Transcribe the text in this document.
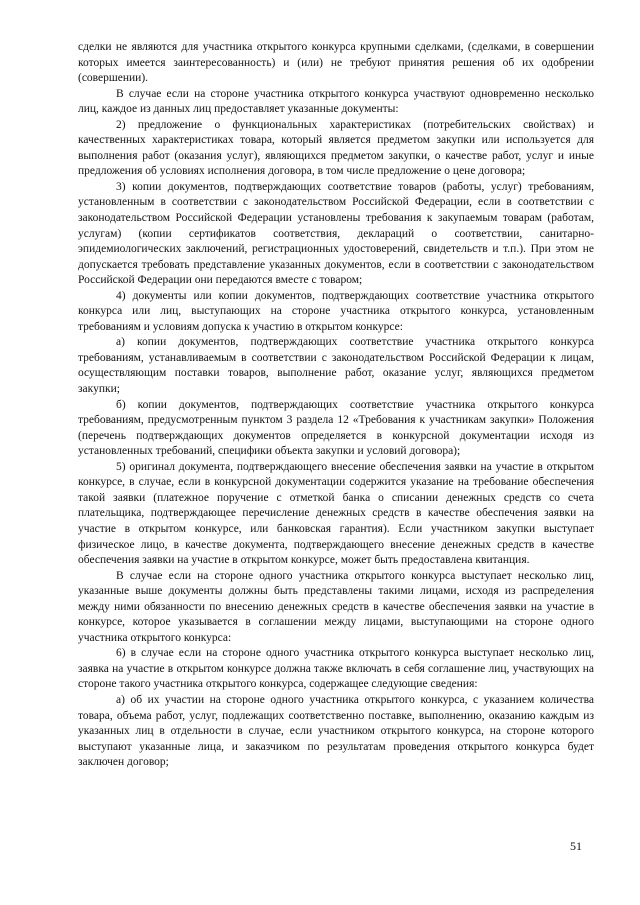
сделки не являются для участника открытого конкурса крупными сделками, (сделками, в совершении которых имеется заинтересованность) и (или) не требуют принятия решения об их одобрении (совершении).

В случае если на стороне участника открытого конкурса участвуют одновременно несколько лиц, каждое из данных лиц предоставляет указанные документы:

2) предложение о функциональных характеристиках (потребительских свойствах) и качественных характеристиках товара, который является предметом закупки или используется для выполнения работ (оказания услуг), являющихся предметом закупки, о качестве работ, услуг и иные предложения об условиях исполнения договора, в том числе предложение о цене договора;

3) копии документов, подтверждающих соответствие товаров (работы, услуг) требованиям, установленным в соответствии с законодательством Российской Федерации, если в соответствии с законодательством Российской Федерации установлены требования к закупаемым товарам (работам, услугам) (копии сертификатов соответствия, деклараций о соответствии, санитарно-эпидемиологических заключений, регистрационных удостоверений, свидетельств и т.п.). При этом не допускается требовать представление указанных документов, если в соответствии с законодательством Российской Федерации они передаются вместе с товаром;

4) документы или копии документов, подтверждающих соответствие участника открытого конкурса или лиц, выступающих на стороне участника открытого конкурса, установленным требованиям и условиям допуска к участию в открытом конкурсе:

а) копии документов, подтверждающих соответствие участника открытого конкурса требованиям, устанавливаемым в соответствии с законодательством Российской Федерации к лицам, осуществляющим поставки товаров, выполнение работ, оказание услуг, являющихся предметом закупки;

б) копии документов, подтверждающих соответствие участника открытого конкурса требованиям, предусмотренным пунктом 3 раздела 12 «Требования к участникам закупки» Положения (перечень подтверждающих документов определяется в конкурсной документации исходя из установленных требований, специфики объекта закупки и условий договора);

5) оригинал документа, подтверждающего внесение обеспечения заявки на участие в открытом конкурсе, в случае, если в конкурсной документации содержится указание на требование обеспечения такой заявки (платежное поручение с отметкой банка о списании денежных средств со счета плательщика, подтверждающее перечисление денежных средств в качестве обеспечения заявки на участие в открытом конкурсе, или банковская гарантия). Если участником закупки выступает физическое лицо, в качестве документа, подтверждающего внесение денежных средств в качестве обеспечения заявки на участие в открытом конкурсе, может быть предоставлена квитанция.

В случае если на стороне одного участника открытого конкурса выступает несколько лиц, указанные выше документы должны быть представлены такими лицами, исходя из распределения между ними обязанности по внесению денежных средств в качестве обеспечения заявки на участие в конкурсе, которое указывается в соглашении между лицами, выступающими на стороне одного участника открытого конкурса:

6) в случае если на стороне одного участника открытого конкурса выступает несколько лиц, заявка на участие в открытом конкурсе должна также включать в себя соглашение лиц, участвующих на стороне такого участника открытого конкурса, содержащее следующие сведения:

а) об их участии на стороне одного участника открытого конкурса, с указанием количества товара, объема работ, услуг, подлежащих соответственно поставке, выполнению, оказанию каждым из указанных лиц в отдельности в случае, если участником открытого конкурса, на стороне которого выступают указанные лица, и заказчиком по результатам проведения открытого конкурса будет заключен договор;

51
